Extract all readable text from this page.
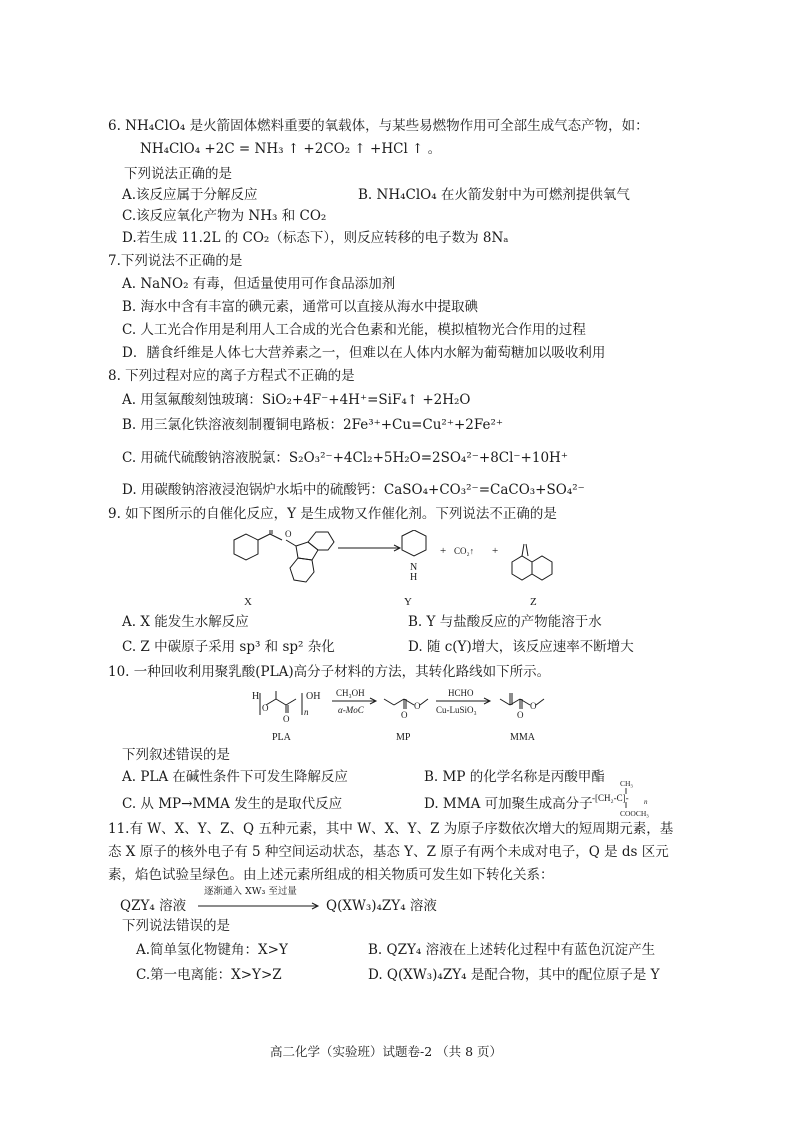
6. NH₄ClO₄ 是火箭固体燃料重要的氧载体，与某些易燃物作用可全部生成气态产物，如：
NH₄ClO₄ +2C = NH₃ ↑ +2CO₂ ↑ +HCl ↑ 。
下列说法正确的是
A.该反应属于分解反应	B. NH₄ClO₄ 在火箭发射中为可燃剂提供氧气
C.该反应氧化产物为 NH₃ 和 CO₂
D.若生成 11.2L 的 CO₂（标态下），则反应转移的电子数为 8Nₐ
7.下列说法不正确的是
A. NaNO₂ 有毒，但适量使用可作食品添加剂
B. 海水中含有丰富的碘元素，通常可以直接从海水中提取碘
C. 人工光合作用是利用人工合成的光合色素和光能，模拟植物光合作用的过程
D．膳食纤维是人体七大营养素之一，但难以在人体内水解为葡萄糖加以吸收利用
8. 下列过程对应的离子方程式不正确的是
A. 用氢氟酸刻蚀玻璃：SiO₂+4F⁻+4H⁺=SiF₄↑ +2H₂O
B. 用三氯化铁溶液刻制覆铜电路板：2Fe³⁺+Cu=Cu²⁺+2Fe²⁺
C. 用硫代硫酸钠溶液脱氯：S₂O₃²⁻+4Cl₂+5H₂O=2SO₄²⁻+8Cl⁻+10H⁺
D. 用碳酸钠溶液浸泡锅炉水垢中的硫酸钙：CaSO₄+CO₃²⁻=CaCO₃+SO₄²⁻
9. 如下图所示的自催化反应，Y 是生成物又作催化剂。下列说法不正确的是
O
X
N
H
Y
+ CO₂↑ +
Z
A. X 能发生水解反应	B. Y 与盐酸反应的产物能溶于水
C. Z 中碳原子采用 sp³ 和 sp² 杂化	D. 随 c(Y)增大，该反应速率不断增大
10. 一种回收利用聚乳酸(PLA)高分子材料的方法，其转化路线如下所示。
H
O
OH
n
O
CH₃OH
α-MoC	O
O
HCHO
Cu-LuSiO₃	O
O
PLA	MP	MMA
下列叙述错误的是
A. PLA 在碱性条件下可发生降解反应	B. MP 的化学名称是丙酸甲酯
C. 从 MP→MMA 发生的是取代反应	D. MMA 可加聚生成高分子
CH₃
-[CH₂-C]- n
COOCH₃
11.有 W、X、Y、Z、Q 五种元素，其中 W、X、Y、Z 为原子序数依次增大的短周期元素，基
态 X 原子的核外电子有 5 种空间运动状态，基态 Y、Z 原子有两个未成对电子，Q 是 ds 区元
素，焰色试验呈绿色。由上述元素所组成的相关物质可发生如下转化关系：
QZY₄ 溶液
逐渐通入 XW₃ 至过量
Q(XW₃)₄ZY₄ 溶液
下列说法错误的是
A.简单氢化物键角：X>Y	B. QZY₄ 溶液在上述转化过程中有蓝色沉淀产生
C.第一电离能：X>Y>Z	D. Q(XW₃)₄ZY₄ 是配合物，其中的配位原子是 Y
高二化学（实验班）试题卷-2 （共 8 页）
